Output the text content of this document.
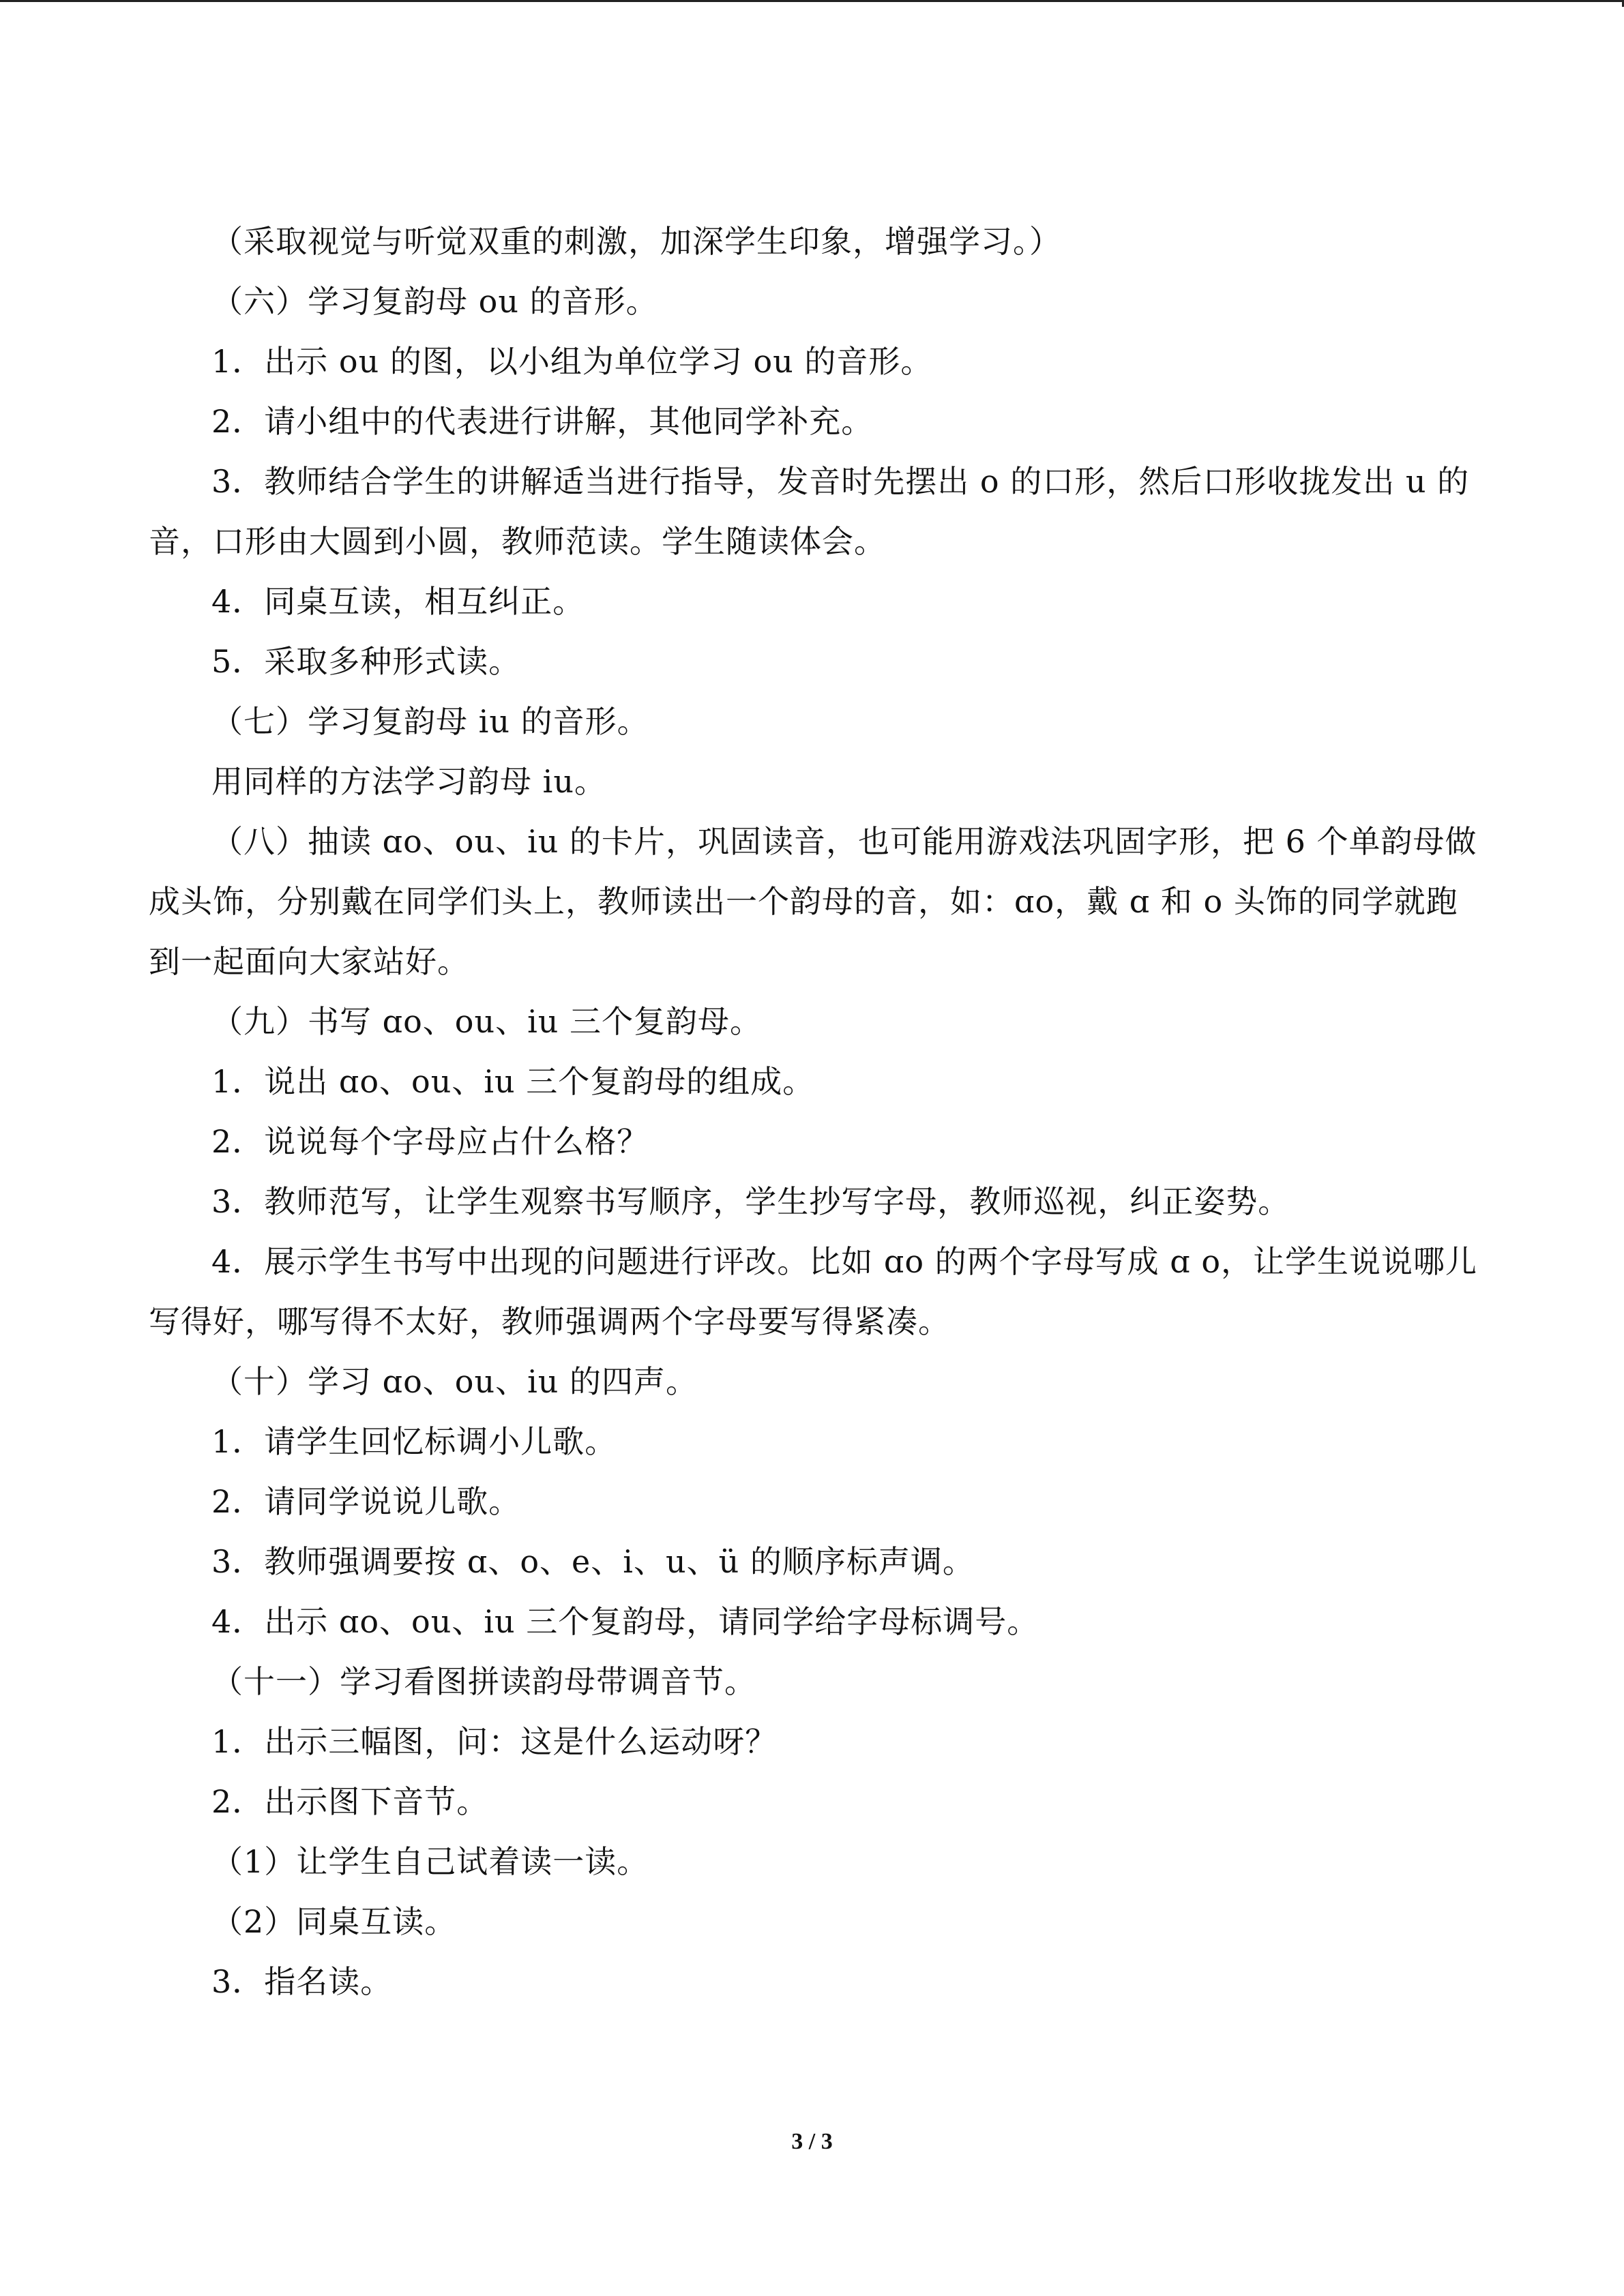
（采取视觉与听觉双重的刺激，加深学生印象，增强学习。）

（六）学习复韵母 ou 的音形。

1．出示 ou 的图，以小组为单位学习 ou 的音形。

2．请小组中的代表进行讲解，其他同学补充。

3．教师结合学生的讲解适当进行指导，发音时先摆出 o 的口形，然后口形收拢发出 u 的音，口形由大圆到小圆，教师范读。学生随读体会。

4．同桌互读，相互纠正。

5．采取多种形式读。

（七）学习复韵母 iu 的音形。

用同样的方法学习韵母 iu。

（八）抽读 ɑo、ou、iu 的卡片，巩固读音，也可能用游戏法巩固字形，把 6 个单韵母做成头饰，分别戴在同学们头上，教师读出一个韵母的音，如：ɑo，戴 ɑ 和 o 头饰的同学就跑到一起面向大家站好。

（九）书写 ɑo、ou、iu 三个复韵母。

1．说出 ɑo、ou、iu 三个复韵母的组成。

2．说说每个字母应占什么格？

3．教师范写，让学生观察书写顺序，学生抄写字母，教师巡视，纠正姿势。

4．展示学生书写中出现的问题进行评改。比如 ɑo 的两个字母写成 ɑ o，让学生说说哪儿写得好，哪写得不太好，教师强调两个字母要写得紧凑。

（十）学习 ɑo、ou、iu 的四声。

1．请学生回忆标调小儿歌。

2．请同学说说儿歌。

3．教师强调要按 ɑ、o、e、i、u、ü 的顺序标声调。

4．出示 ɑo、ou、iu 三个复韵母，请同学给字母标调号。

（十一）学习看图拼读韵母带调音节。

1．出示三幅图，问：这是什么运动呀？

2．出示图下音节。

（1）让学生自己试着读一读。

（2）同桌互读。

3．指名读。

3 / 3
